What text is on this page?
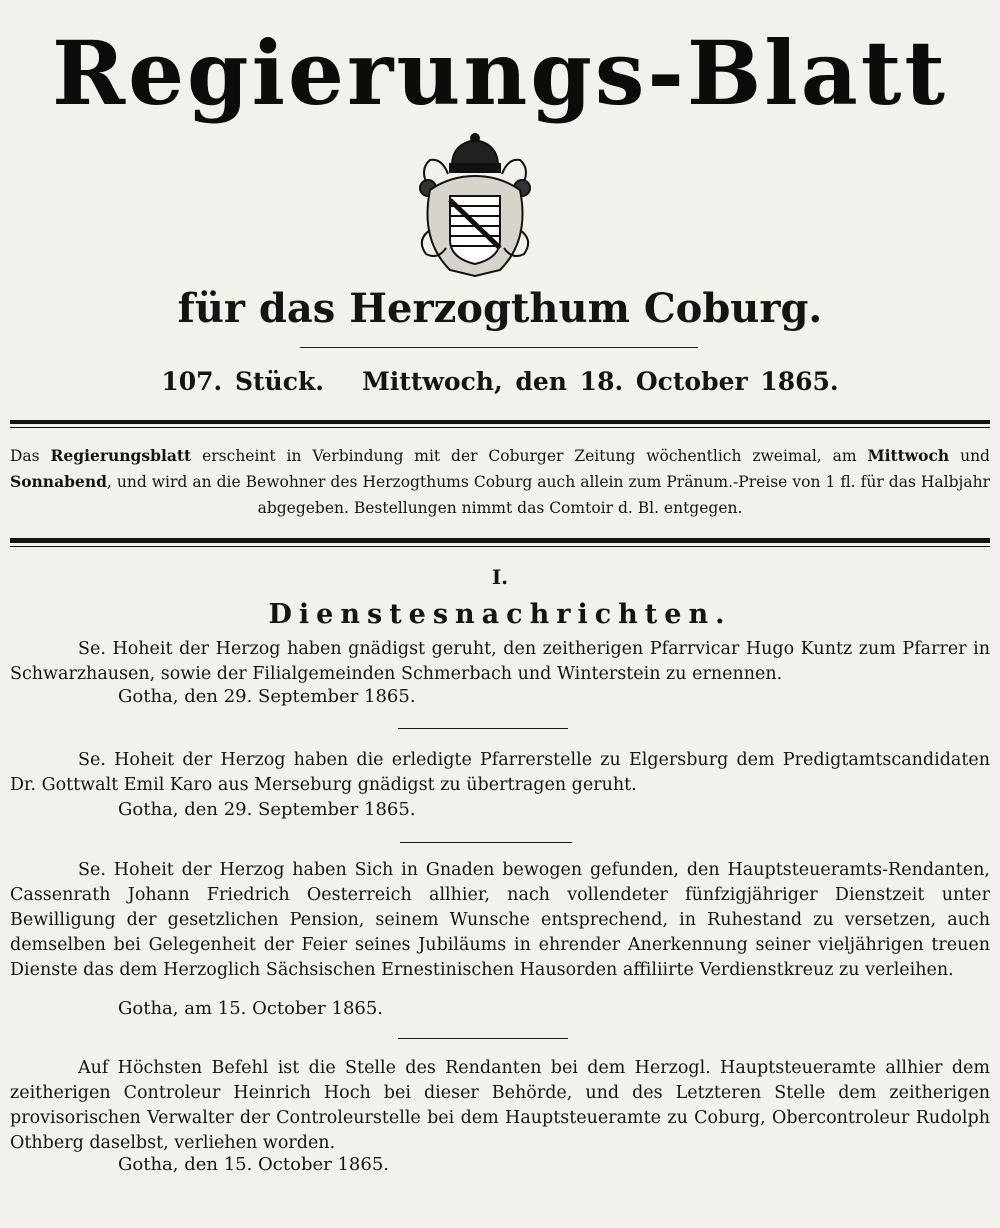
Regierungs-Blatt
für das Herzogthum Coburg.
107. Stück. Mittwoch, den 18. October 1865.
Das Regierungsblatt erscheint in Verbindung mit der Coburger Zeitung wöchentlich zweimal, am Mittwoch und Sonnabend, und wird an die Bewohner des Herzogthums Coburg auch allein zum Pränum.-Preise von 1 fl. für das Halbjahr abgegeben. Bestellungen nimmt das Comtoir d. Bl. entgegen.
I.
Dienstesnachrichten.
Se. Hoheit der Herzog haben gnädigst geruht, den zeitherigen Pfarrvicar Hugo Kuntz zum Pfarrer in Schwarzhausen, sowie der Filialgemeinden Schmerbach und Winterstein zu ernennen.
Gotha, den 29. September 1865.
Se. Hoheit der Herzog haben die erledigte Pfarrerstelle zu Elgersburg dem Predigtamtscandidaten Dr. Gottwalt Emil Karo aus Merseburg gnädigst zu übertragen geruht.
Gotha, den 29. September 1865.
Se. Hoheit der Herzog haben Sich in Gnaden bewogen gefunden, den Hauptsteueramts-Rendanten, Cassenrath Johann Friedrich Oesterreich allhier, nach vollendeter fünfzigjähriger Dienstzeit unter Bewilligung der gesetzlichen Pension, seinem Wunsche entsprechend, in Ruhestand zu versetzen, auch demselben bei Gelegenheit der Feier seines Jubiläums in ehrender Anerkennung seiner vieljährigen treuen Dienste das dem Herzoglich Sächsischen Ernestinischen Hausorden affiliirte Verdienstkreuz zu verleihen.
Gotha, am 15. October 1865.
Auf Höchsten Befehl ist die Stelle des Rendanten bei dem Herzogl. Hauptsteueramte allhier dem zeitherigen Controleur Heinrich Hoch bei dieser Behörde, und des Letzteren Stelle dem zeitherigen provisorischen Verwalter der Controleurstelle bei dem Hauptsteueramte zu Coburg, Obercontroleur Rudolph Othberg daselbst, verliehen worden.
Gotha, den 15. October 1865.
